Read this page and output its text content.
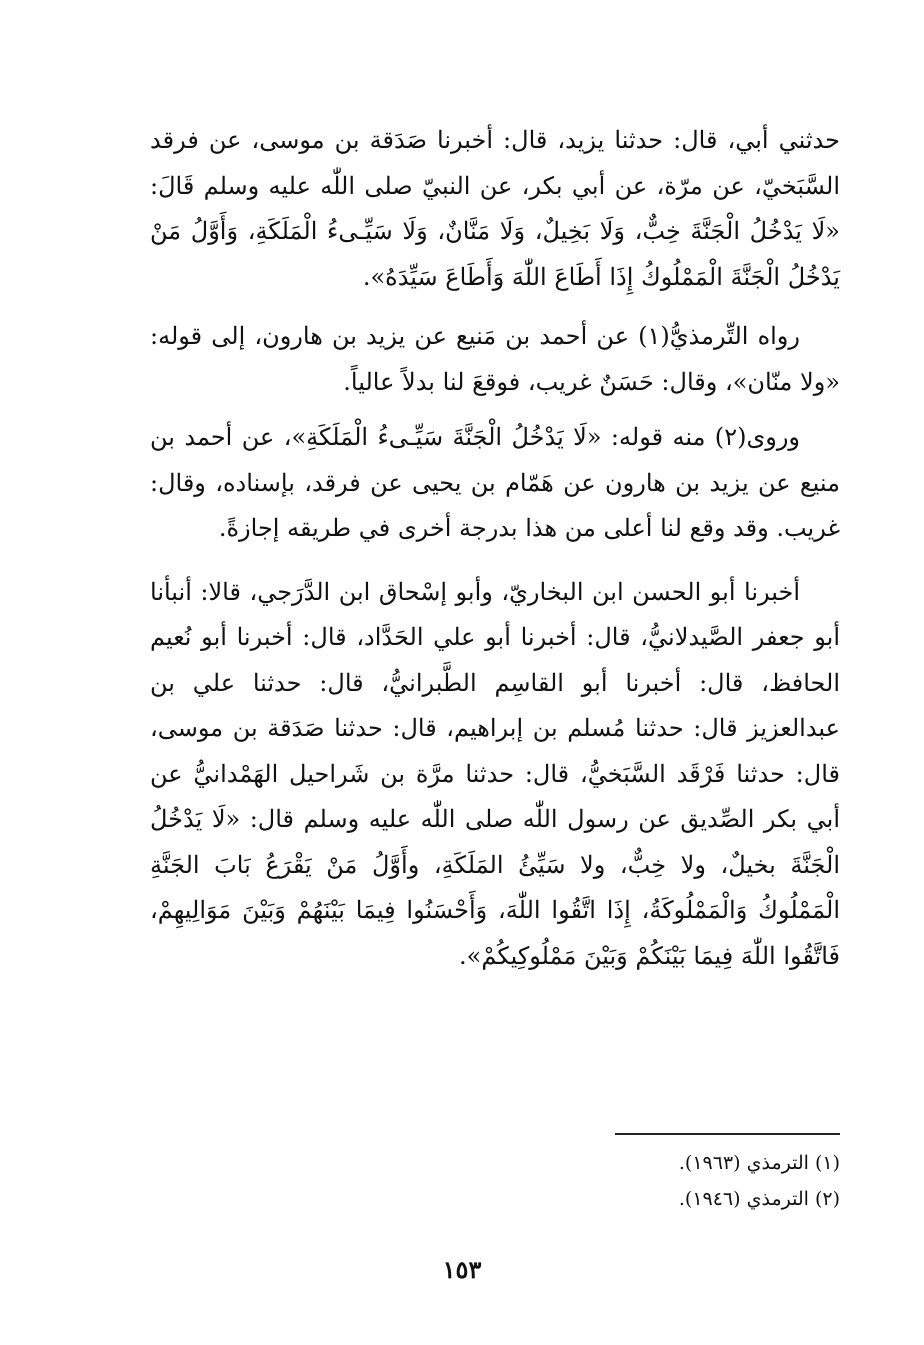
حدثني أبي، قال: حدثنا يزيد، قال: أخبرنا صَدَقة بن موسى، عن فرقد السَّبَخيّ، عن مرّة، عن أبي بكر، عن النبيّ صلى اللّٰه عليه وسلم قَالَ: «لَا يَدْخُلُ الْجَنَّةَ خِبٌّ، وَلَا بَخِيلٌ، وَلَا مَنَّانٌ، وَلَا سَيِّـىءُ الْمَلَكَةِ، وَأَوَّلُ مَنْ يَدْخُلُ الْجَنَّةَ الْمَمْلُوكُ إِذَا أَطَاعَ اللّٰهَ وَأَطَاعَ سَيِّدَهُ».

رواه التِّرمذيُّ(١) عن أحمد بن مَنيع عن يزيد بن هارون، إلى قوله: «ولا منّان»، وقال: حَسَنٌ غريب، فوقعَ لنا بدلاً عالياً.

وروى(٢) منه قوله: «لَا يَدْخُلُ الْجَنَّةَ سَيِّـىءُ الْمَلَكَةِ»، عن أحمد بن منيع عن يزيد بن هارون عن هَمّام بن يحيى عن فرقد، بإسناده، وقال: غريب. وقد وقع لنا أعلى من هذا بدرجة أخرى في طريقه إجازةً.

أخبرنا أبو الحسن ابن البخاريّ، وأبو إسْحاق ابن الدَّرَجي، قالا: أنبأنا أبو جعفر الصَّيدلانيُّ، قال: أخبرنا أبو علي الحَدَّاد، قال: أخبرنا أبو نُعيم الحافظ، قال: أخبرنا أبو القاسِم الطَّبرانيُّ، قال: حدثنا علي بن عبدالعزيز قال: حدثنا مُسلم بن إبراهيم، قال: حدثنا صَدَقة بن موسى، قال: حدثنا فَرْقَد السَّبَخيُّ، قال: حدثنا مرَّة بن شَراحيل الهَمْدانيُّ عن أبي بكر الصِّديق عن رسول اللّٰه صلى اللّٰه عليه وسلم قال: «لَا يَدْخُلُ الْجَنَّةَ بخيلٌ، ولا خِبٌّ، ولا سَيِّئُ المَلَكَةِ، وأَوَّلُ مَنْ يَقْرَعُ بَابَ الجَنَّةِ الْمَمْلُوكُ وَالْمَمْلُوكَةُ، إِذَا اتَّقُوا اللّٰهَ، وَأَحْسَنُوا فِيمَا بَيْنَهُمْ وَبَيْنَ مَوَالِيهِمْ، فَاتَّقُوا اللّٰهَ فِيمَا بَيْنَكُمْ وَبَيْنَ مَمْلُوكِيكُمْ».

(١) الترمذي (١٩٦٣).

(٢) الترمذي (١٩٤٦).

١٥٣
